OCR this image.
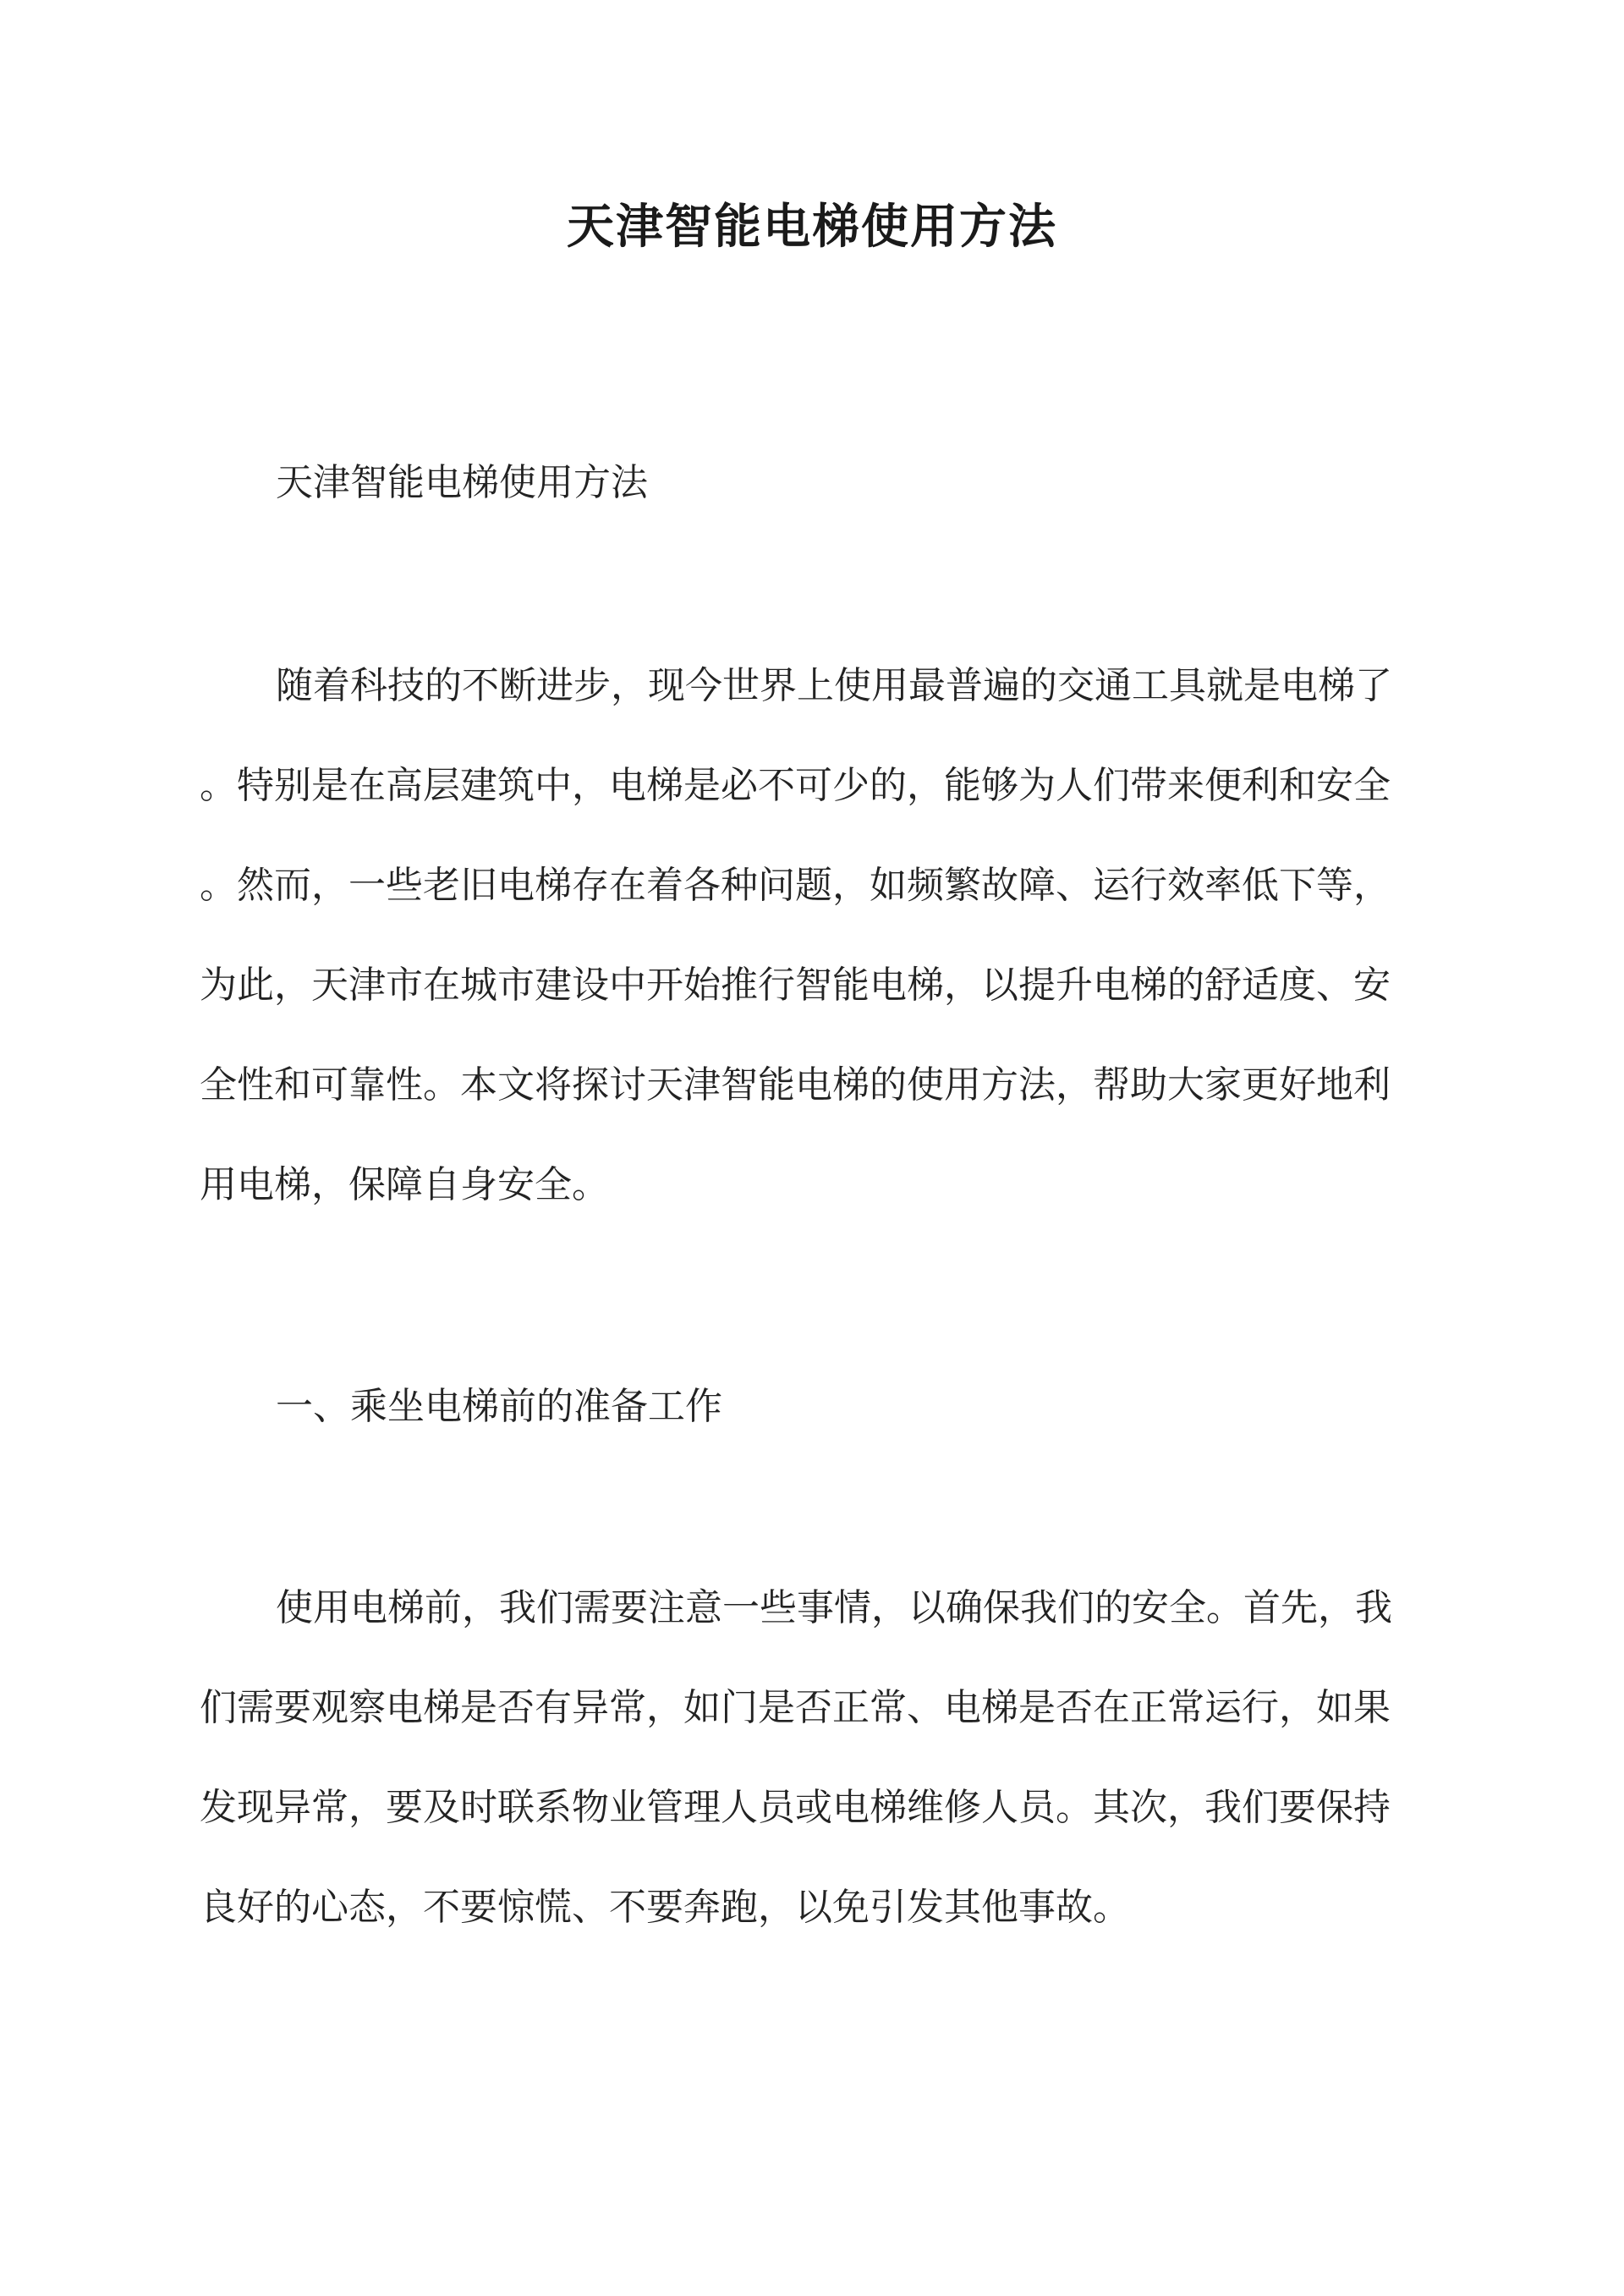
天津智能电梯使用方法

天津智能电梯使用方法

随着科技的不断进步，现今世界上使用最普遍的交通工具就是电梯了
。特别是在高层建筑中，电梯是必不可少的，能够为人们带来便利和安全
。然而，一些老旧电梯存在着各种问题，如频繁故障、运行效率低下等，
为此，天津市在城市建设中开始推行智能电梯，以提升电梯的舒适度、安
全性和可靠性。本文将探讨天津智能电梯的使用方法，帮助大家更好地利
用电梯，保障自身安全。

一、乘坐电梯前的准备工作

使用电梯前，我们需要注意一些事情，以确保我们的安全。首先，我
们需要观察电梯是否有异常，如门是否正常、电梯是否在正常运行，如果
发现异常，要及时联系物业管理人员或电梯维修人员。其次，我们要保持
良好的心态，不要惊慌、不要奔跑，以免引发其他事故。
